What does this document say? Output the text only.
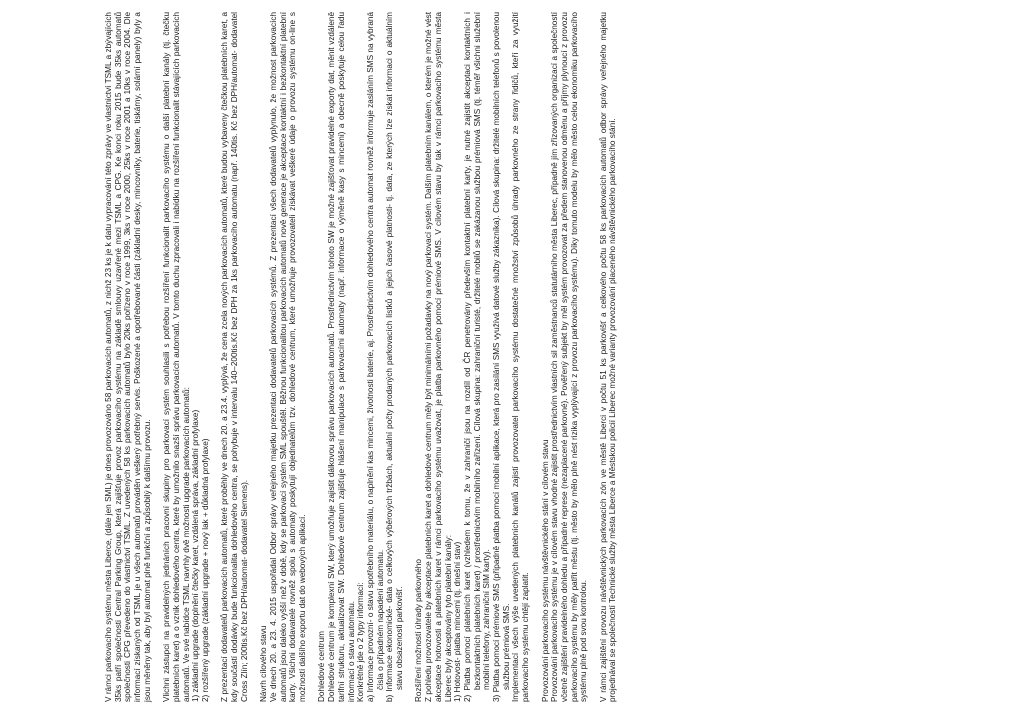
V rámci parkovacího systému města Liberce, (dále jen SML) je dnes provozováno 58 parkovacích automatů, z nichž 23 ks je k datu vypracování této zprávy ve vlastnictví TSML a zbývajících 35ks patří společnosti Central Parking Group, která zajišťuje provoz parkovacího systému na základě smlouvy uzavřené mezi TSML a CPG. Ke konci roku 2015 bude 35ks automatů společnosti CPG převedeno do vlastnictví TSML. Z uvedených 58 ks parkovacích automatů bylo 20ks pořízeno v roce 1999, 3ks v roce 2000, 25ks v roce 2001 a 10ks v roce 2004. Dle informací získaných od TSML je u všech automatů prováděn veškerý potřebný servis. Poškozené a opotřebované části (základní desky, mincovníky, baterie, tiskárny, solární panely) byly a jsou měněny tak, aby byl automat plně funkční a způsobilý k dalšímu provozu. Vlichni zástupci na pravidelných jednáních pracovní skupiny pro parkovací systém souhlasili s potřebou rozšíření funkcionalit parkovacího systému o další platební kanály (tj. čtečku platebních karet) a o vznik dohledového centra, které by umožnilo snazší správu parkovacích automatů. V tomto duchu zpracovali i nabídku na rozšíření funkcionalit stávajících parkovacích automatů. Ve své nabídce TSML navrhly dvě možnosti upgrade parkovacích automatů: 1) základní upgrade (doplnění čtečky karet, vzdálená správa, základní profylaxe) 2) rozšířený upgrade (základní upgrade + nový lak + důkladná profylaxe) Z prezentací dodavatelů parkovacích automatů, které proběhly ve dnech 20. a 23.4. vyplývá, že cena zcela nových parkovacích automatů, které budou vybaveny čtečkou platebních karet, a kdy součástí dodávky bude funkcionalita dohledového centra, se pohybuje v intervalu 140–200tis.Kč bez DPH za 1ks parkovacího automatu (např. 140tis. Kč bez DPH/automat- dodavatel Cross Zlín; 200tis.Kč bez DPH/automat- dodavatel Siemens). Návrh cílového stavu Ve dnech 20. a 23. 4. 2015 uspořádal Odbor správy veřejného majetku prezentaci dodavatelů parkovacích systémů. Z prezentací všech dodavatelů vyplynulo, že možnost parkovacích automatů jsou daleko vyšší než v době, kdy se parkovací systém SML spouštěl. Běžnou funkcionalitou parkovacích automatů nově generace je akceptace kontaktní i bezkontaktní platební karty. Všichni dodavatelé rovněž spolu s automaty poskytují objednatelům tzv. dohledové centrum, které umožňuje provozovateli získávat veškeré údaje o provozu systému on-line s možností dalšího exportu dat do webových aplikací. Dohledové centrum Dohledové centrum je komplexní SW, který umožňuje zajistit dálkovou správu parkovacích automatů. Prostřednictvím tohoto SW je možné zajišťovat pravidelné exporty dat, měnit vzdáleně tarifní strukturu, aktualizovat SW. Dohledové centrum zajišťuje hlášení manipulace s parkovacími automaty (např. informace o výměně kasy s mincemi) a obecně poskytuje celou řadu informací o stavu automatu. Konkrétně jde o 2 typy informací: a) Informace provozní- o stavu spotřebního materiálu, o naplnění kas mincemi, životnosti baterie, aj. Prostřednictvím dohledového centra automat rovněž informuje zasláním SMS na vybraná čísla o případném napadení automatu. b) Informace ekonomické- data o celkových výběrových tržbách, aktuální počty prodaných parkovacích lístků a jejich časové platnosti- tj. data, ze kterých lze získat informaci o aktuálním stavu obsazenosti parkovišť. Rozšíření možností úhrady parkovného Z pohledu provozovatele by akceptace platebních karet a dohledové centrum měly být minimálními požadavky na nový parkovací systém. Dalším platebním kanálem, o kterém je možné vést akceptace hotovosti a platebních karet v rámci parkovacího systému uvažovat, je platba parkovného pomocí prémiové SMS. V cílovém stavu by tak v rámci parkovacího systému města Liberec byly akceptovány tyto platební kanály: 1) Hotovost- platba mincemi (tj. dnešní stav) 2) Platba pomocí platebních karet (vzhledem k tomu, že v zahraničí jsou na rozdíl od ČR penetrovány především kontaktní platební karty, je nutné zajistit akceptaci kontaktních i bezkontaktních platebních karet) / prostřednictvím mobilního zařízení. Cílová skupina: zahraniční turisté, držitelé mobilů se zakázanou službou prémiová SMS (tj. téměř všichni služební mobilní telefony, zahraniční SIM karty). 3) Platba pomocí prémiové SMS (případně platba pomocí mobilní aplikace, která pro zasílání SMS využívá datové služby zákazníka). Cílová skupina: držitelé mobilních telefonů s povolenou službou prémiová SMS. Implementací všech výše uvedených platebních kanálů zajistí provozovatel parkovacího systému dostatečné množství způsobů úhrady parkovného ze strany řidičů, kteří za využití parkovacího systému chtějí zaplatit. Provozování parkovacího systému návštěvnického stání v cílovém stavu Provozování parkovacího systému je v cílovém stavu vhodné zajistit prostřednictvím vlastních sil zaměstnanců statutárního města Liberec, případně jím zřizovaných organizací a společností včetně zajištění pravidelného dohledu a případné represe (nezaplacené parkovné). Pověřený subjekt by měl systém provozovat za předem stanovenou odměnu a příjmy plynoucí z provozu parkovacího systému by měly patřit městu (tj. město by mělo plně nést rizika vyplývající z provozu parkovacího systému). Díky tomuto modelu by mělo město celou ekonomiku parkovacího systému plně pod svou kontrolou. V rámci zajištění provozu návštěvnických parkovacích zón ve městě Liberci v počtu 51 ks parkovišť a celkového počtu 58 ks parkovacích automatů odbor správy veřejného majetku projednával se společností Technické služby města Liberce a Městskou policií Liberec možné varianty provozování placeného návštěvnického parkovacího stání.
